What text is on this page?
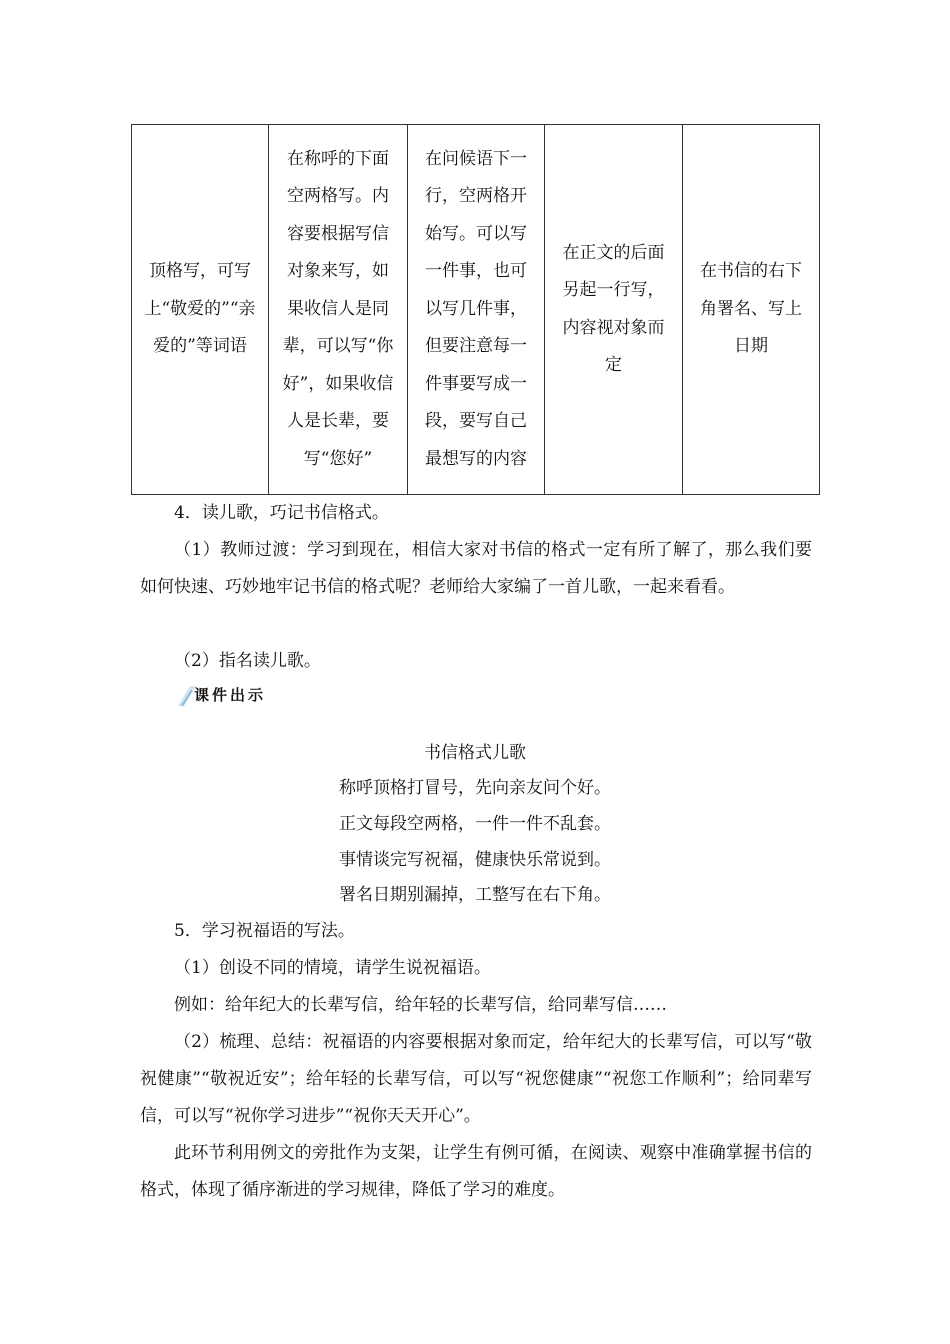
顶格写，可写上“敬爱的”“亲爱的”等词语	在称呼的下面空两格写。内容要根据写信对象来写，如果收信人是同辈，可以写“你好”，如果收信人是长辈，要写“您好”	在问候语下一行，空两格开始写。可以写一件事，也可以写几件事，但要注意每一件事要写成一段，要写自己最想写的内容	在正文的后面另起一行写，内容视对象而定	在书信的右下角署名、写上日期

4．读儿歌，巧记书信格式。

（1）教师过渡：学习到现在，相信大家对书信的格式一定有所了解了，那么我们要如何快速、巧妙地牢记书信的格式呢？老师给大家编了一首儿歌，一起来看看。

（2）指名读儿歌。

课件出示

书信格式儿歌

称呼顶格打冒号，先向亲友问个好。

正文每段空两格，一件一件不乱套。

事情谈完写祝福，健康快乐常说到。

署名日期别漏掉，工整写在右下角。

5．学习祝福语的写法。

（1）创设不同的情境，请学生说祝福语。

例如：给年纪大的长辈写信，给年轻的长辈写信，给同辈写信……

（2）梳理、总结：祝福语的内容要根据对象而定，给年纪大的长辈写信，可以写“敬祝健康”“敬祝近安”；给年轻的长辈写信，可以写“祝您健康”“祝您工作顺利”；给同辈写信，可以写“祝你学习进步”“祝你天天开心”。

此环节利用例文的旁批作为支架，让学生有例可循，在阅读、观察中准确掌握书信的格式，体现了循序渐进的学习规律，降低了学习的难度。
